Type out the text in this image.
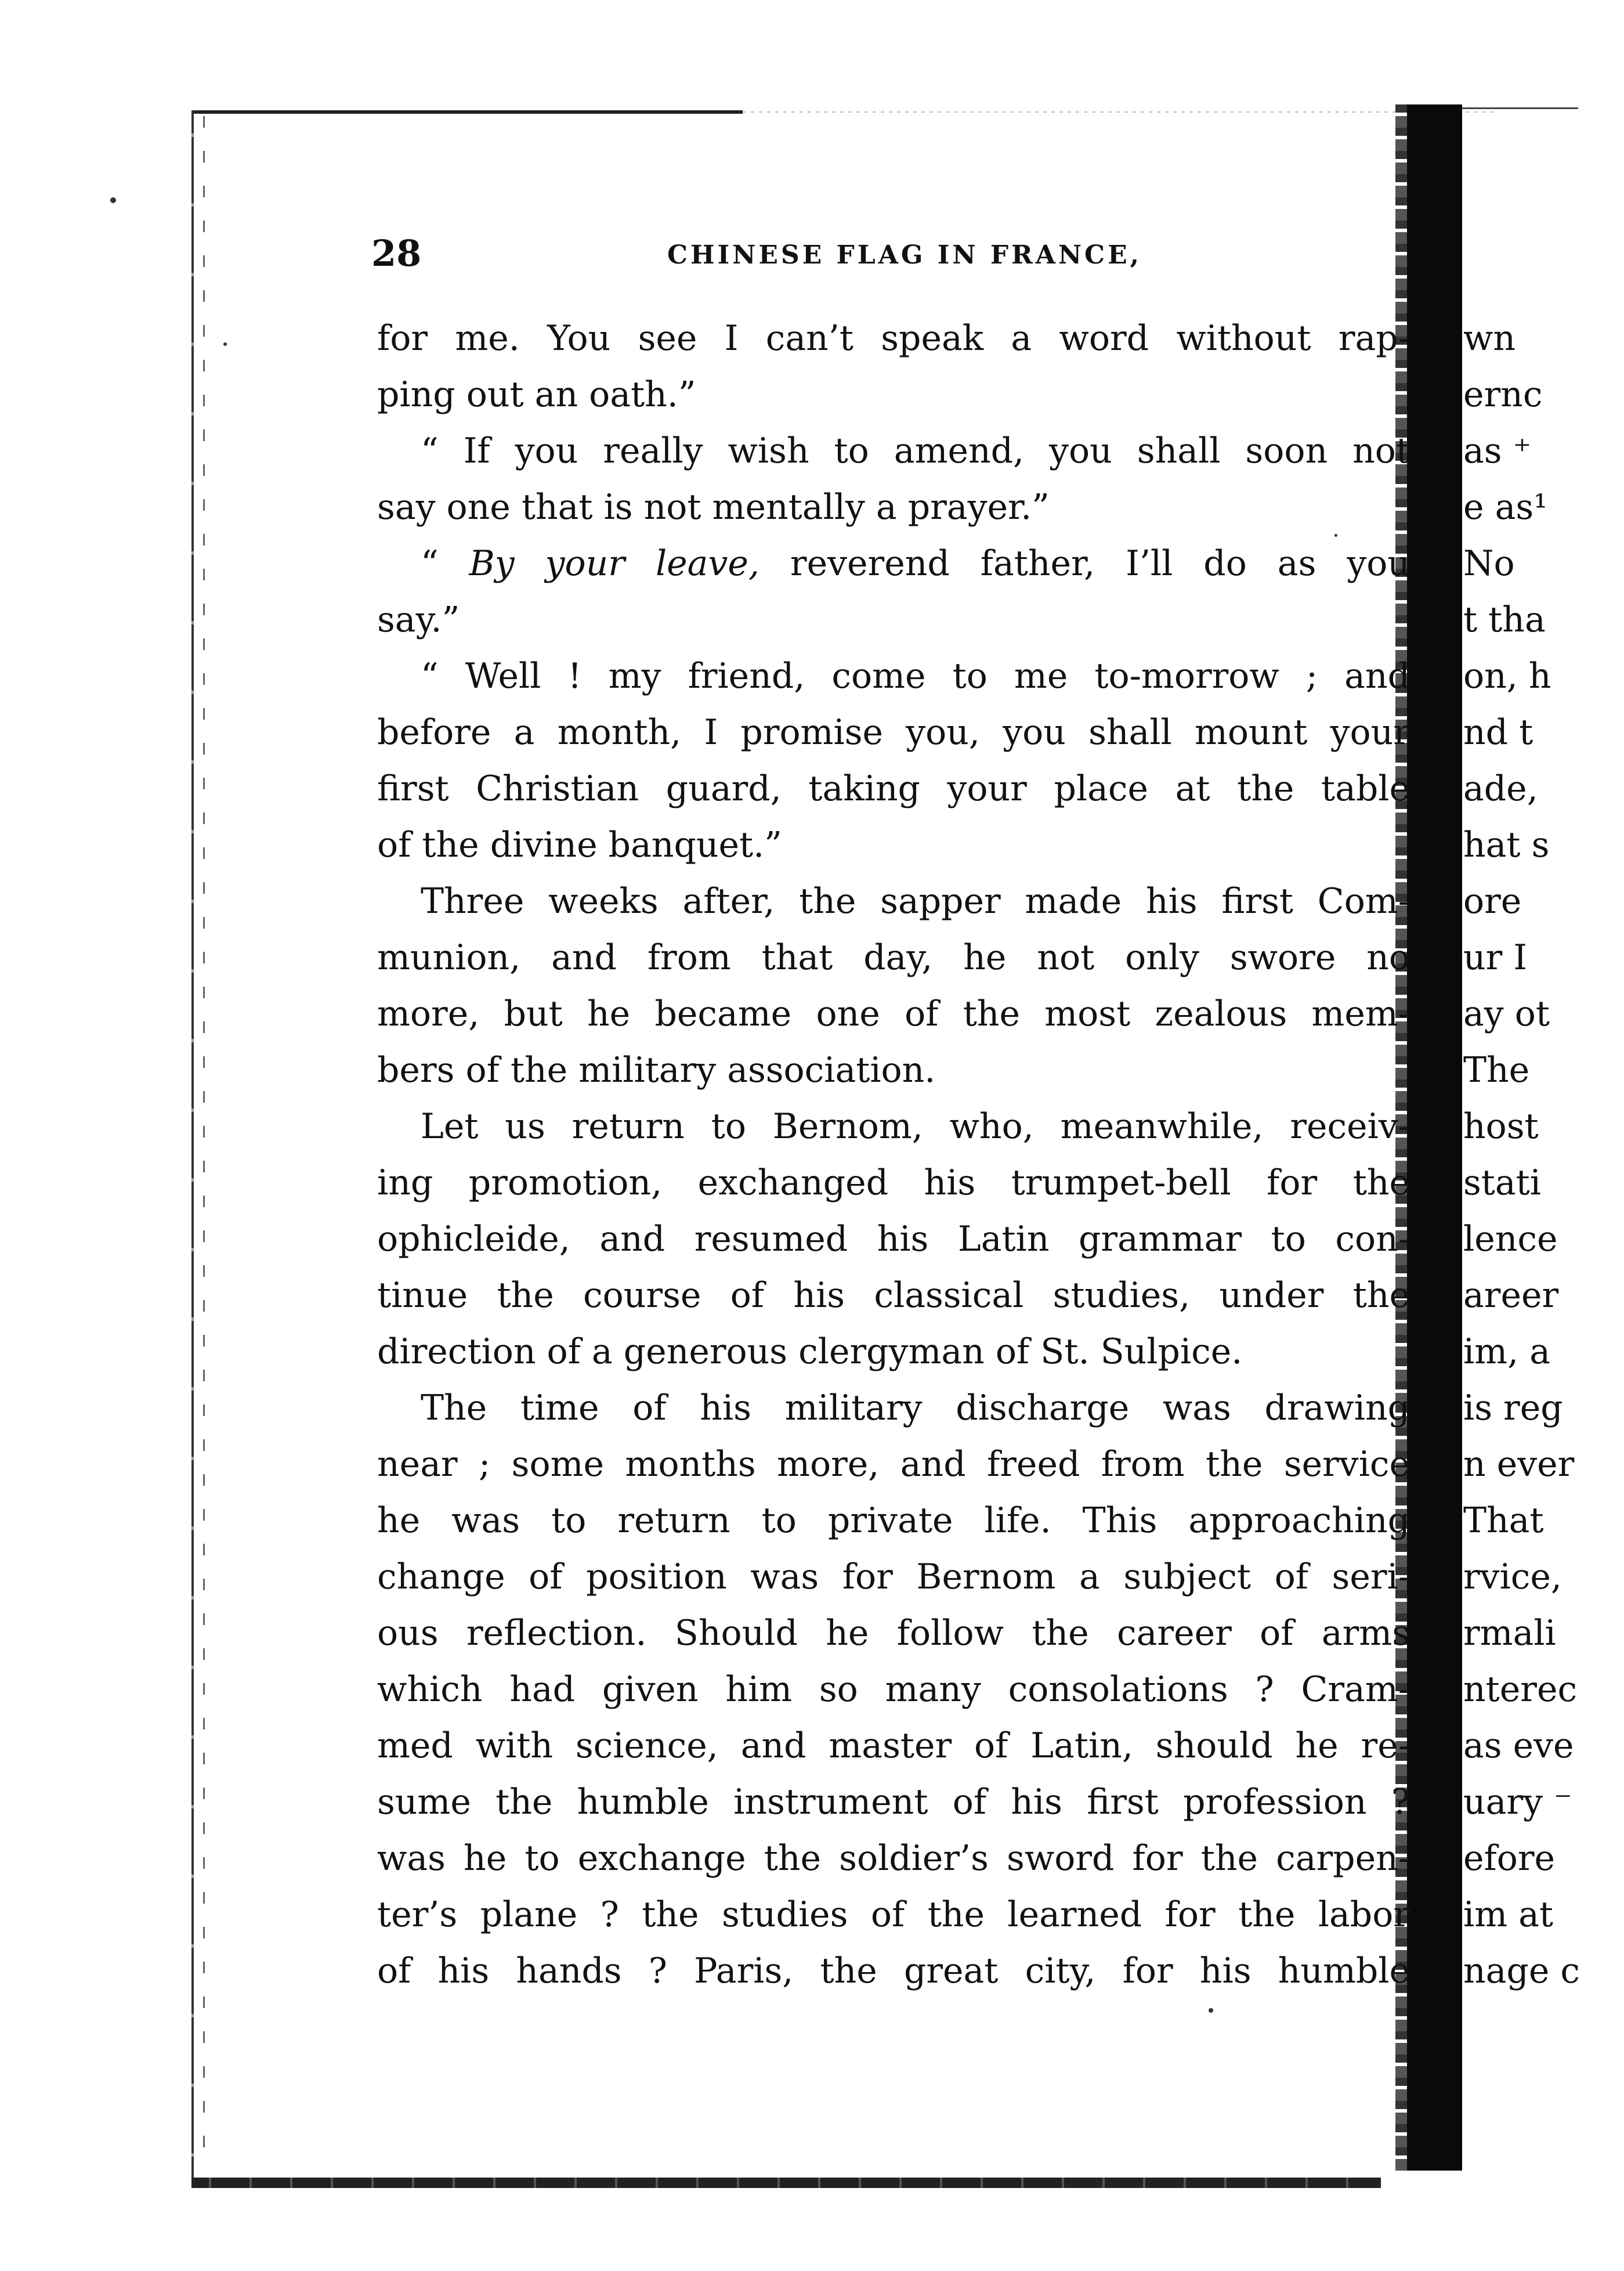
28	CHINESE FLAG IN FRANCE,
for me. You see I can’t speak a word without rap-
ping out an oath.”
“ If you really wish to amend, you shall soon not
say one that is not mentally a prayer.”
“ By your leave, reverend father, I’ll do as you
say.”
“ Well ! my friend, come to me to-morrow ; and
before a month, I promise you, you shall mount your
first Christian guard, taking your place at the table
of the divine banquet.”
Three weeks after, the sapper made his first Com-
munion, and from that day, he not only swore no
more, but he became one of the most zealous mem-
bers of the military association.
Let us return to Bernom, who, meanwhile, receiv-
ing promotion, exchanged his trumpet-bell for the
ophicleide, and resumed his Latin grammar to con-
tinue the course of his classical studies, under the
direction of a generous clergyman of St. Sulpice.
The time of his military discharge was drawing
near ; some months more, and freed from the service
he was to return to private life. This approaching
change of position was for Bernom a subject of seri-
ous reflection. Should he follow the career of arms
which had given him so many consolations ? Cram-
med with science, and master of Latin, should he re-
sume the humble instrument of his first profession ?
was he to exchange the soldier’s sword for the carpen-
ter’s plane ? the studies of the learned for the labor
of his hands ? Paris, the great city, for his humble
wn
ernc
as ⁺
e as¹
No
t tha
on, h
nd t
ade,
hat s
ore
ur I
ay ot
The
host
stati
lence
areer
im, a
is reg
n ever
That
rvice,
rmali
nterec
as eve
uary ⁻
efore
im at
nage c
